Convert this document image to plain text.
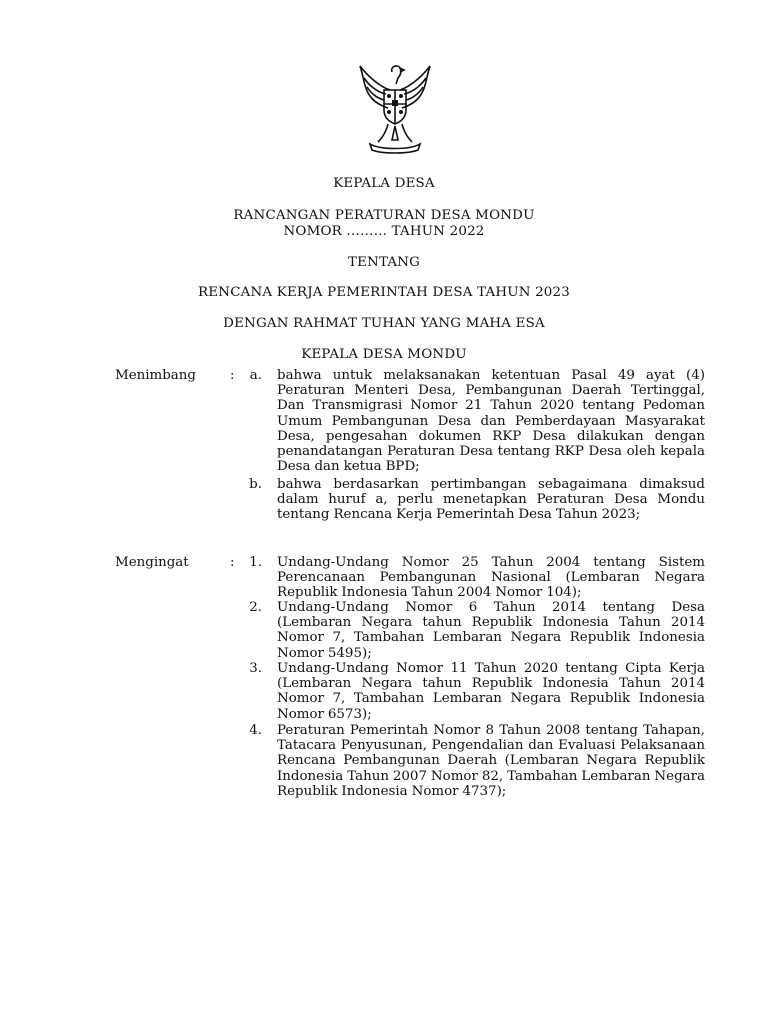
KEPALA DESA
RANCANGAN PERATURAN DESA MONDU
NOMOR ……… TAHUN 2022
TENTANG
RENCANA KERJA PEMERINTAH DESA TAHUN 2023
DENGAN RAHMAT TUHAN YANG MAHA ESA
KEPALA DESA MONDU
Menimbang	:	a. bahwa untuk melaksanakan ketentuan Pasal 49 ayat (4) Peraturan Menteri Desa, Pembangunan Daerah Tertinggal, Dan Transmigrasi Nomor 21 Tahun 2020 tentang Pedoman Umum Pembangunan Desa dan Pemberdayaan Masyarakat Desa, pengesahan dokumen RKP Desa dilakukan dengan penandatangan Peraturan Desa tentang RKP Desa oleh kepala Desa dan ketua BPD;
b. bahwa berdasarkan pertimbangan sebagaimana dimaksud dalam huruf a, perlu menetapkan Peraturan Desa Mondu tentang Rencana Kerja Pemerintah Desa Tahun 2023;
Mengingat	:	1. Undang-Undang Nomor 25 Tahun 2004 tentang Sistem Perencanaan Pembangunan Nasional (Lembaran Negara Republik Indonesia Tahun 2004 Nomor 104);
2. Undang-Undang Nomor 6 Tahun 2014 tentang Desa (Lembaran Negara tahun Republik Indonesia Tahun 2014 Nomor 7, Tambahan Lembaran Negara Republik Indonesia Nomor 5495);
3. Undang-Undang Nomor 11 Tahun 2020 tentang Cipta Kerja (Lembaran Negara tahun Republik Indonesia Tahun 2014 Nomor 7, Tambahan Lembaran Negara Republik Indonesia Nomor 6573);
4. Peraturan Pemerintah Nomor 8 Tahun 2008 tentang Tahapan, Tatacara Penyusunan, Pengendalian dan Evaluasi Pelaksanaan Rencana Pembangunan Daerah (Lembaran Negara Republik Indonesia Tahun 2007 Nomor 82, Tambahan Lembaran Negara Republik Indonesia Nomor 4737);
